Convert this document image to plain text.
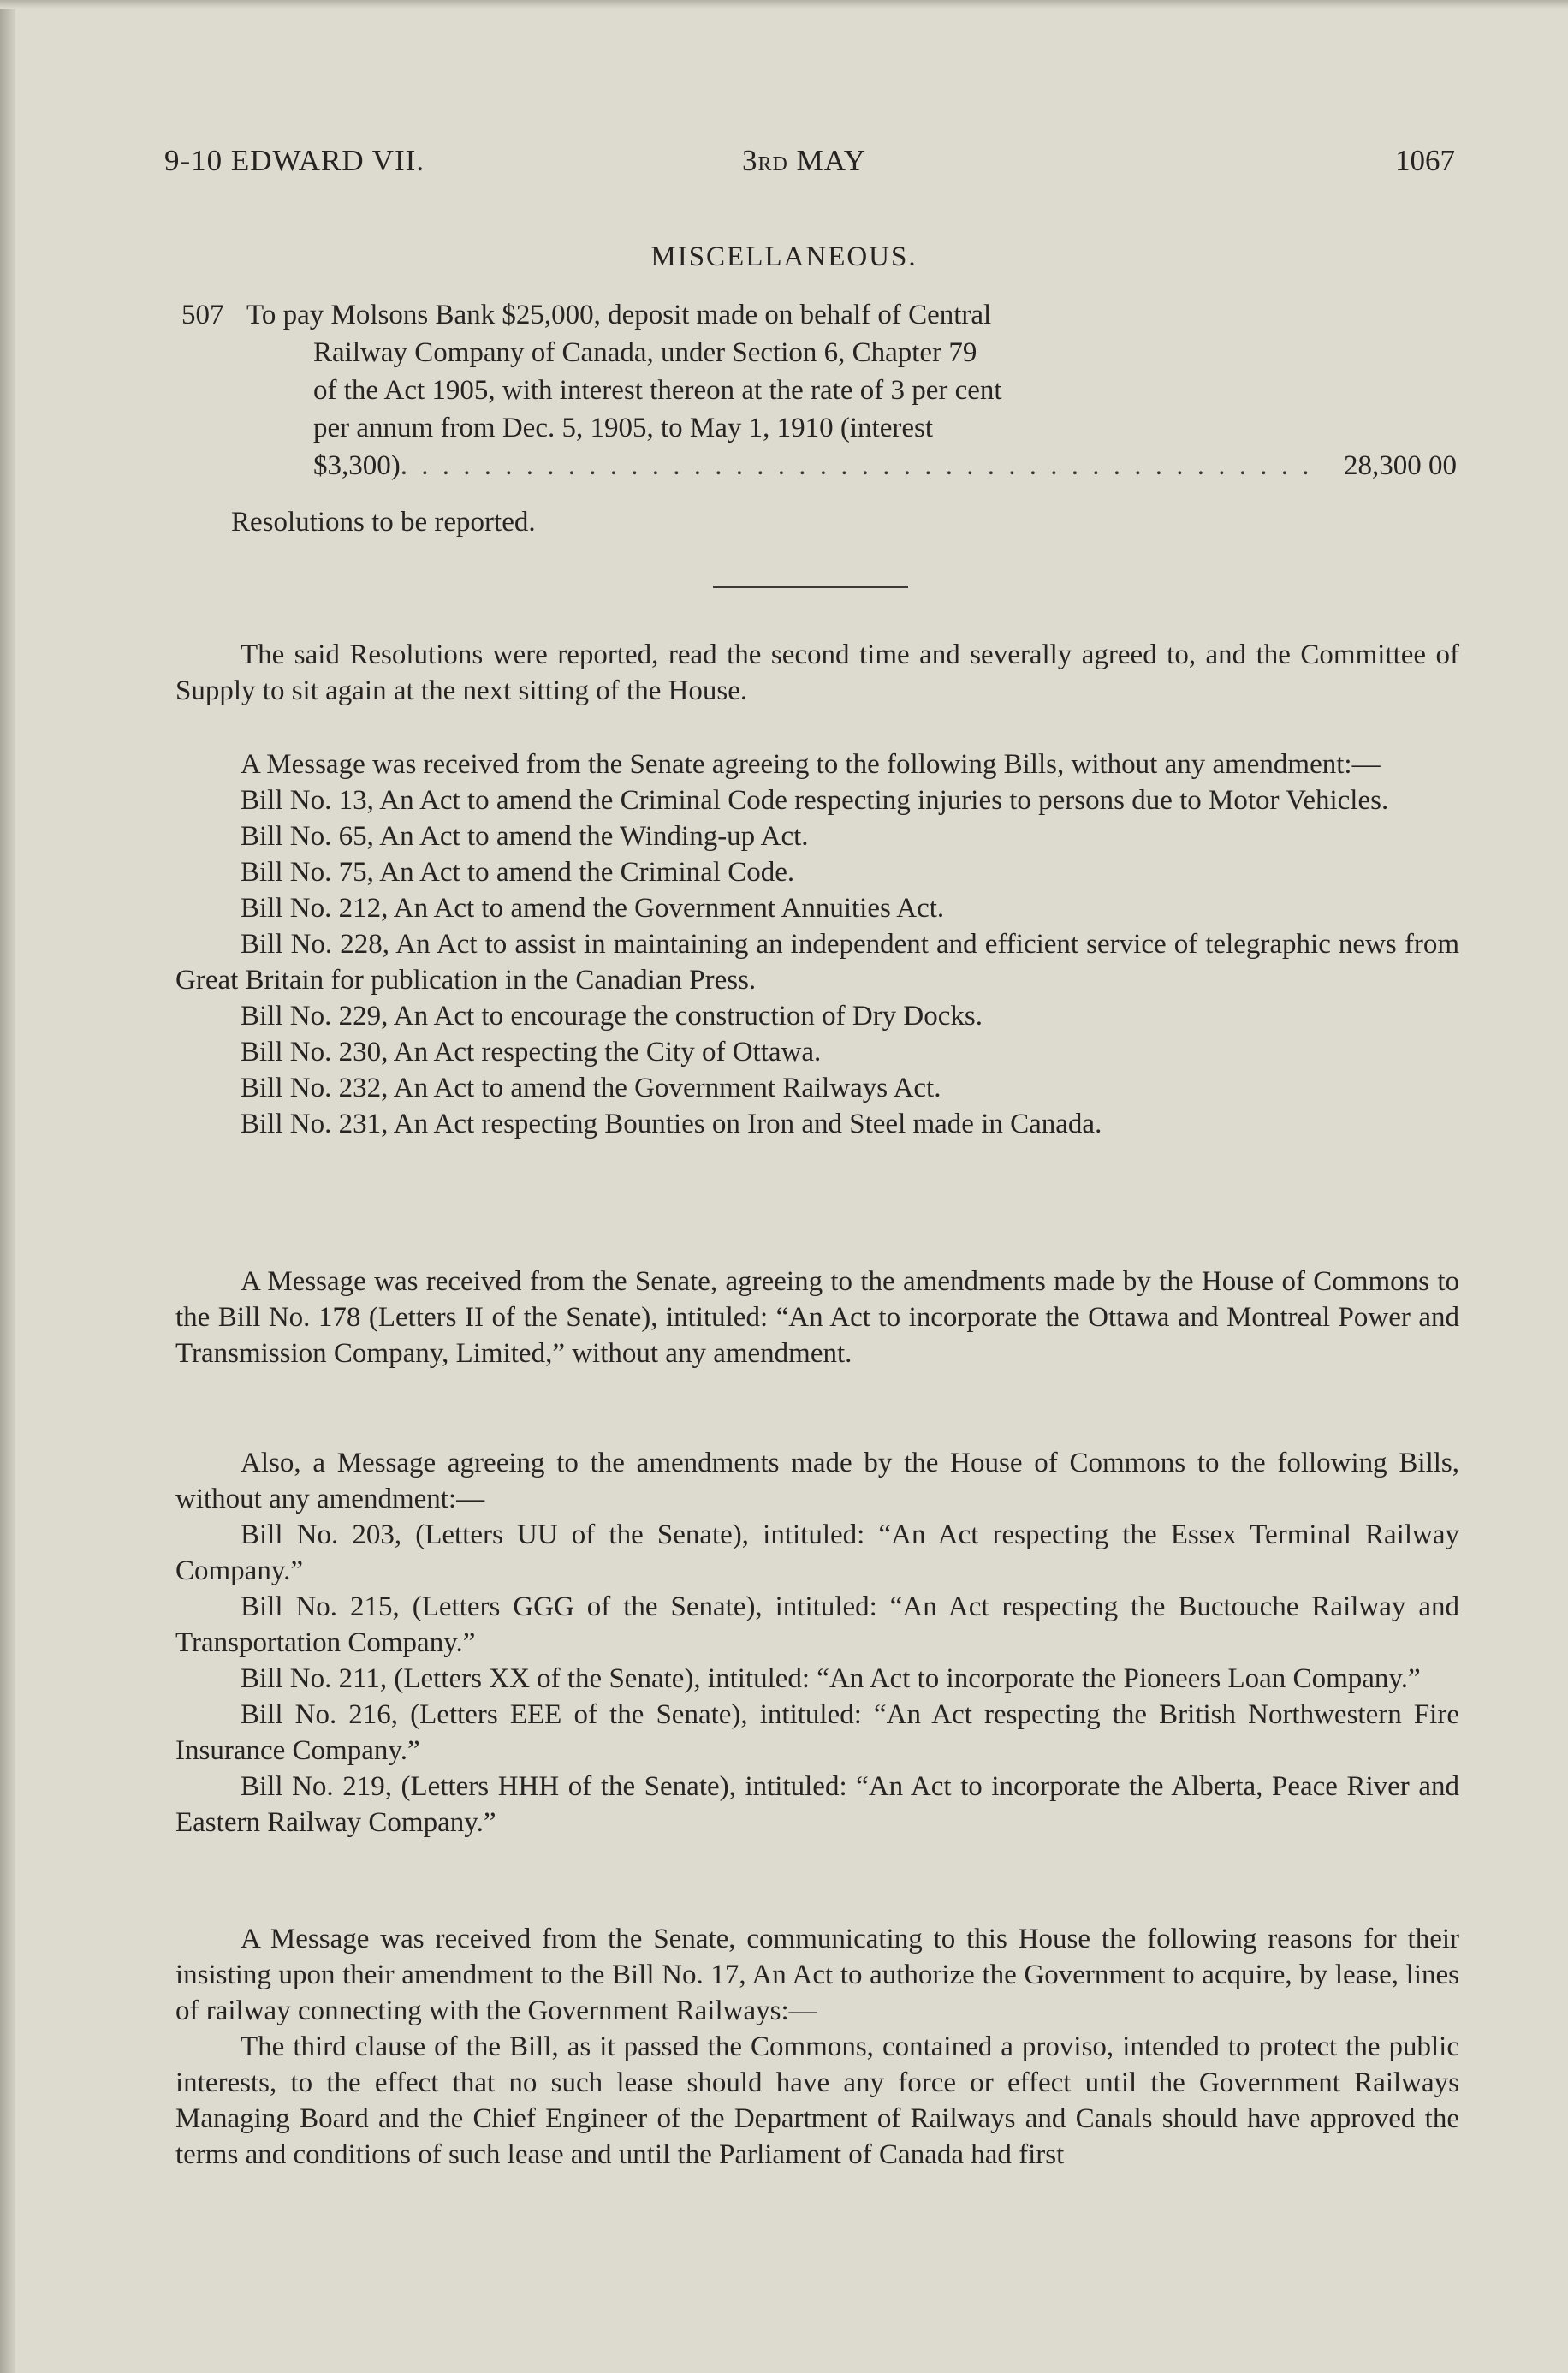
9-10 EDWARD VII.	3RD MAY	1067
MISCELLANEOUS.
507 To pay Molsons Bank $25,000, deposit made on behalf of Central
Railway Company of Canada, under Section 6, Chapter 79
of the Act 1905, with interest thereon at the rate of 3 per cent
per annum from Dec. 5, 1905, to May 1, 1910 (interest
$3,300) . . . . . . . . . . . . . . . . . . . . . . . . . . . . . . . . . . . . . . . . . . . .	28,300 00
Resolutions to be reported.

The said Resolutions were reported, read the second time and severally agreed to, and the Committee of Supply to sit again at the next sitting of the House.

A Message was received from the Senate agreeing to the following Bills, without any amendment:—

Bill No. 13, An Act to amend the Criminal Code respecting injuries to persons due to Motor Vehicles.

Bill No. 65, An Act to amend the Winding-up Act.

Bill No. 75, An Act to amend the Criminal Code.

Bill No. 212, An Act to amend the Government Annuities Act.

Bill No. 228, An Act to assist in maintaining an independent and efficient service of telegraphic news from Great Britain for publication in the Canadian Press.

Bill No. 229, An Act to encourage the construction of Dry Docks.

Bill No. 230, An Act respecting the City of Ottawa.

Bill No. 232, An Act to amend the Government Railways Act.

Bill No. 231, An Act respecting Bounties on Iron and Steel made in Canada.

A Message was received from the Senate, agreeing to the amendments made by the House of Commons to the Bill No. 178 (Letters II of the Senate), intituled: “An Act to incorporate the Ottawa and Montreal Power and Transmission Company, Limited,” without any amendment.

Also, a Message agreeing to the amendments made by the House of Commons to the following Bills, without any amendment:—

Bill No. 203, (Letters UU of the Senate), intituled: “An Act respecting the Essex Terminal Railway Company.”

Bill No. 215, (Letters GGG of the Senate), intituled: “An Act respecting the Buctouche Railway and Transportation Company.”

Bill No. 211, (Letters XX of the Senate), intituled: “An Act to incorporate the Pioneers Loan Company.”

Bill No. 216, (Letters EEE of the Senate), intituled: “An Act respecting the British Northwestern Fire Insurance Company.”

Bill No. 219, (Letters HHH of the Senate), intituled: “An Act to incorporate the Alberta, Peace River and Eastern Railway Company.”

A Message was received from the Senate, communicating to this House the following reasons for their insisting upon their amendment to the Bill No. 17, An Act to authorize the Government to acquire, by lease, lines of railway connecting with the Government Railways:—

The third clause of the Bill, as it passed the Commons, contained a proviso, intended to protect the public interests, to the effect that no such lease should have any force or effect until the Government Railways Managing Board and the Chief Engineer of the Department of Railways and Canals should have approved the terms and conditions of such lease and until the Parliament of Canada had first
